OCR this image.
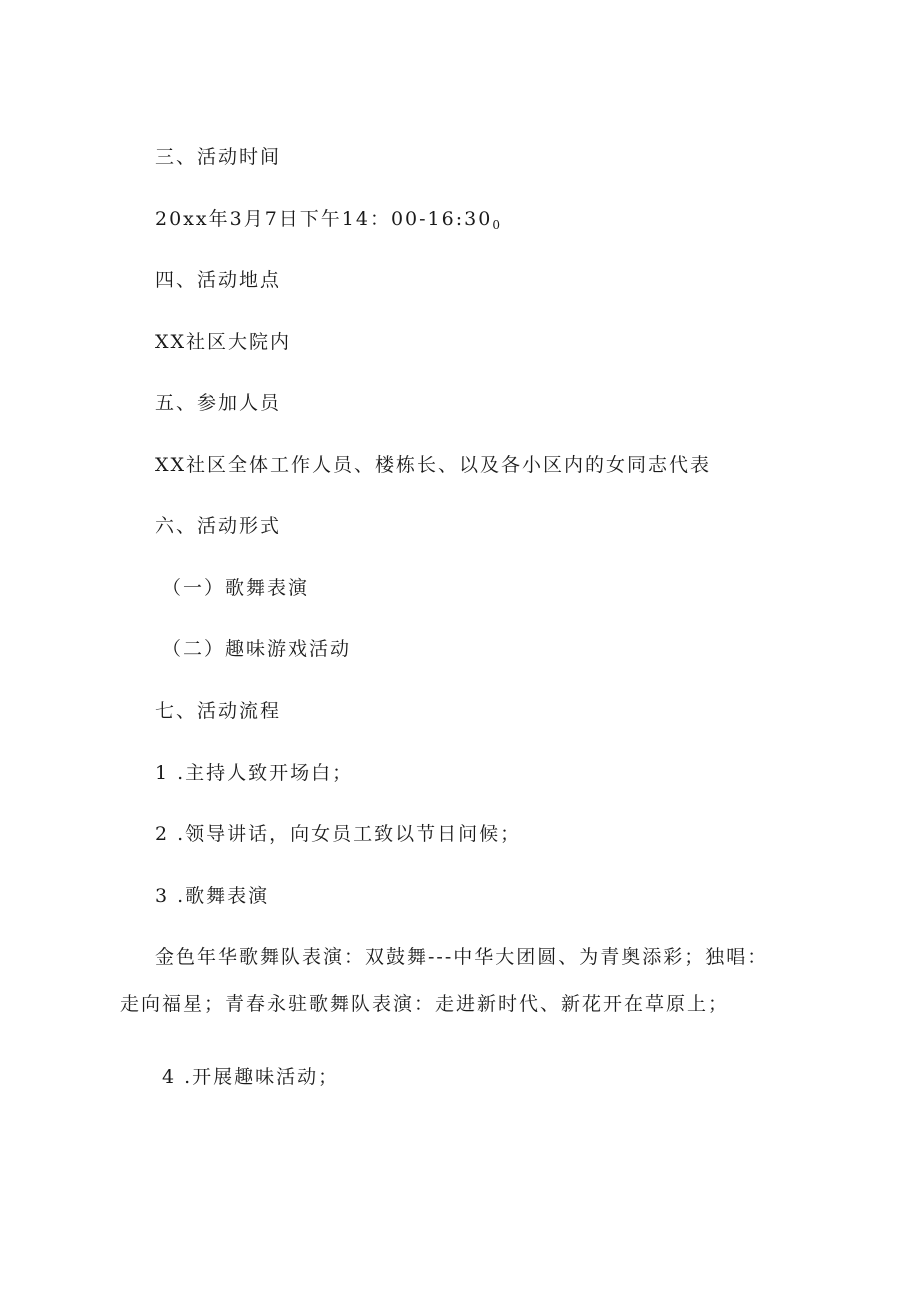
三、活动时间
20xx年3月7日下午14：$00-16:30_0$
四、活动地点
XX社区大院内
五、参加人员
XX社区全体工作人员、楼栋长、以及各小区内的女同志代表
六、活动形式
（一）歌舞表演
（二）趣味游戏活动
七、活动流程
1 .主持人致开场白；
2 .领导讲话，向女员工致以节日问候；
3 .歌舞表演
金色年华歌舞队表演：双鼓舞---中华大团圆、为青奥添彩；独唱：
走向福星；青春永驻歌舞队表演：走进新时代、新花开在草原上；
4 .开展趣味活动；
